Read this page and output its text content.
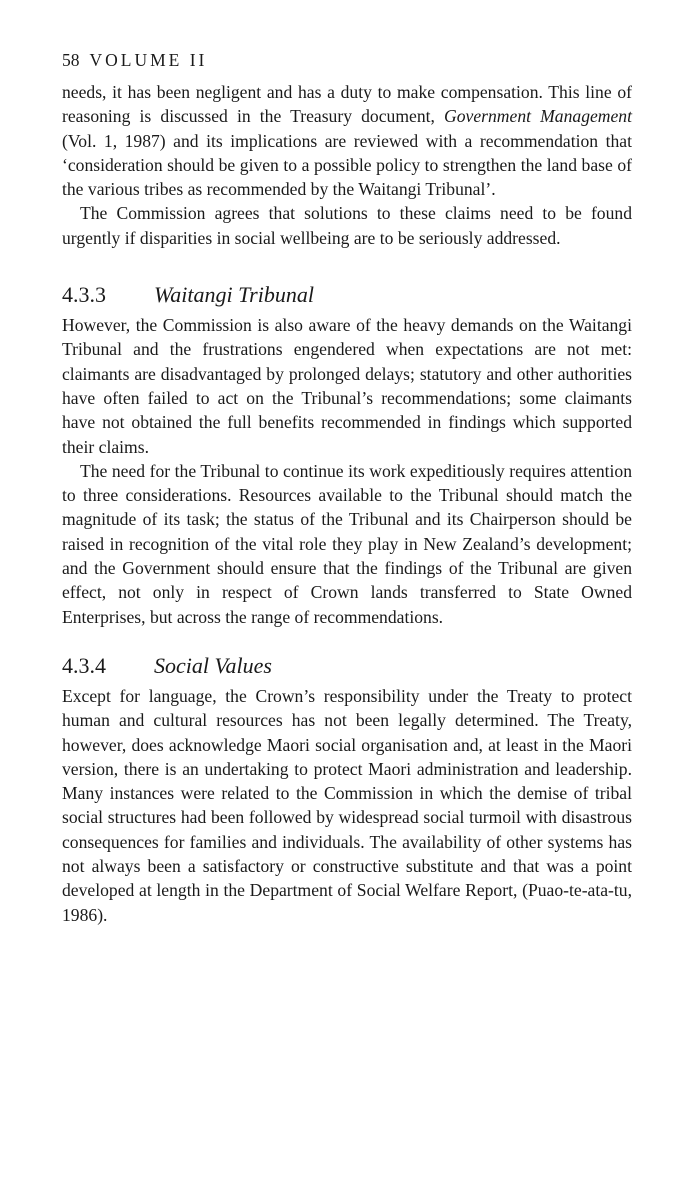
58 VOLUME II

needs, it has been negligent and has a duty to make compensation. This line of reasoning is discussed in the Treasury document, Government Management (Vol. 1, 1987) and its implications are reviewed with a recommendation that ‘consideration should be given to a possible policy to strengthen the land base of the various tribes as recommended by the Waitangi Tribunal’.

The Commission agrees that solutions to these claims need to be found urgently if disparities in social wellbeing are to be seriously addressed.

4.3.3 Waitangi Tribunal

However, the Commission is also aware of the heavy demands on the Waitangi Tribunal and the frustrations engendered when expectations are not met: claimants are disadvantaged by prolonged delays; statutory and other authorities have often failed to act on the Tribunal’s recommendations; some claimants have not obtained the full benefits recommended in findings which supported their claims.

The need for the Tribunal to continue its work expeditiously requires attention to three considerations. Resources available to the Tribunal should match the magnitude of its task; the status of the Tribunal and its Chairperson should be raised in recognition of the vital role they play in New Zealand’s development; and the Government should ensure that the findings of the Tribunal are given effect, not only in respect of Crown lands transferred to State Owned Enterprises, but across the range of recommendations.

4.3.4 Social Values

Except for language, the Crown’s responsibility under the Treaty to protect human and cultural resources has not been legally determined. The Treaty, however, does acknowledge Maori social organisation and, at least in the Maori version, there is an undertaking to protect Maori administration and leadership. Many instances were related to the Commission in which the demise of tribal social structures had been followed by widespread social turmoil with disastrous consequences for families and individuals. The availability of other systems has not always been a satisfactory or constructive substitute and that was a point developed at length in the Department of Social Welfare Report, (Puao-te-ata-tu, 1986).
